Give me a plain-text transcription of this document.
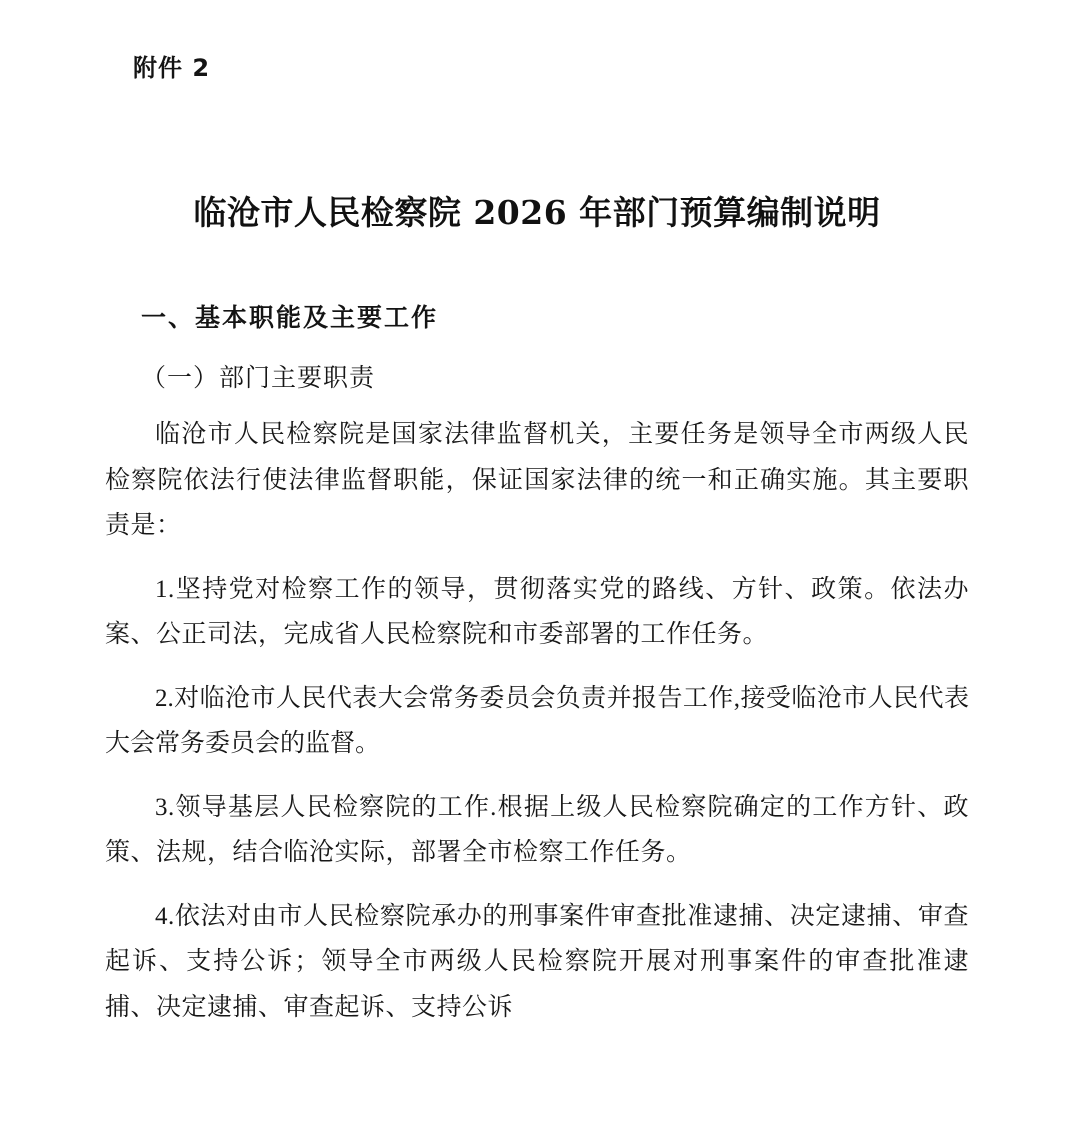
附件 2
临沧市人民检察院 2026 年部门预算编制说明
一、基本职能及主要工作
（一）部门主要职责

临沧市人民检察院是国家法律监督机关，主要任务是领导全市两级人民检察院依法行使法律监督职能，保证国家法律的统一和正确实施。其主要职责是：

1.坚持党对检察工作的领导，贯彻落实党的路线、方针、政策。依法办案、公正司法，完成省人民检察院和市委部署的工作任务。

2.对临沧市人民代表大会常务委员会负责并报告工作,接受临沧市人民代表大会常务委员会的监督。

3.领导基层人民检察院的工作.根据上级人民检察院确定的工作方针、政策、法规，结合临沧实际，部署全市检察工作任务。

4.依法对由市人民检察院承办的刑事案件审查批准逮捕、决定逮捕、审查起诉、支持公诉；领导全市两级人民检察院开展对刑事案件的审查批准逮捕、决定逮捕、审查起诉、支持公诉
